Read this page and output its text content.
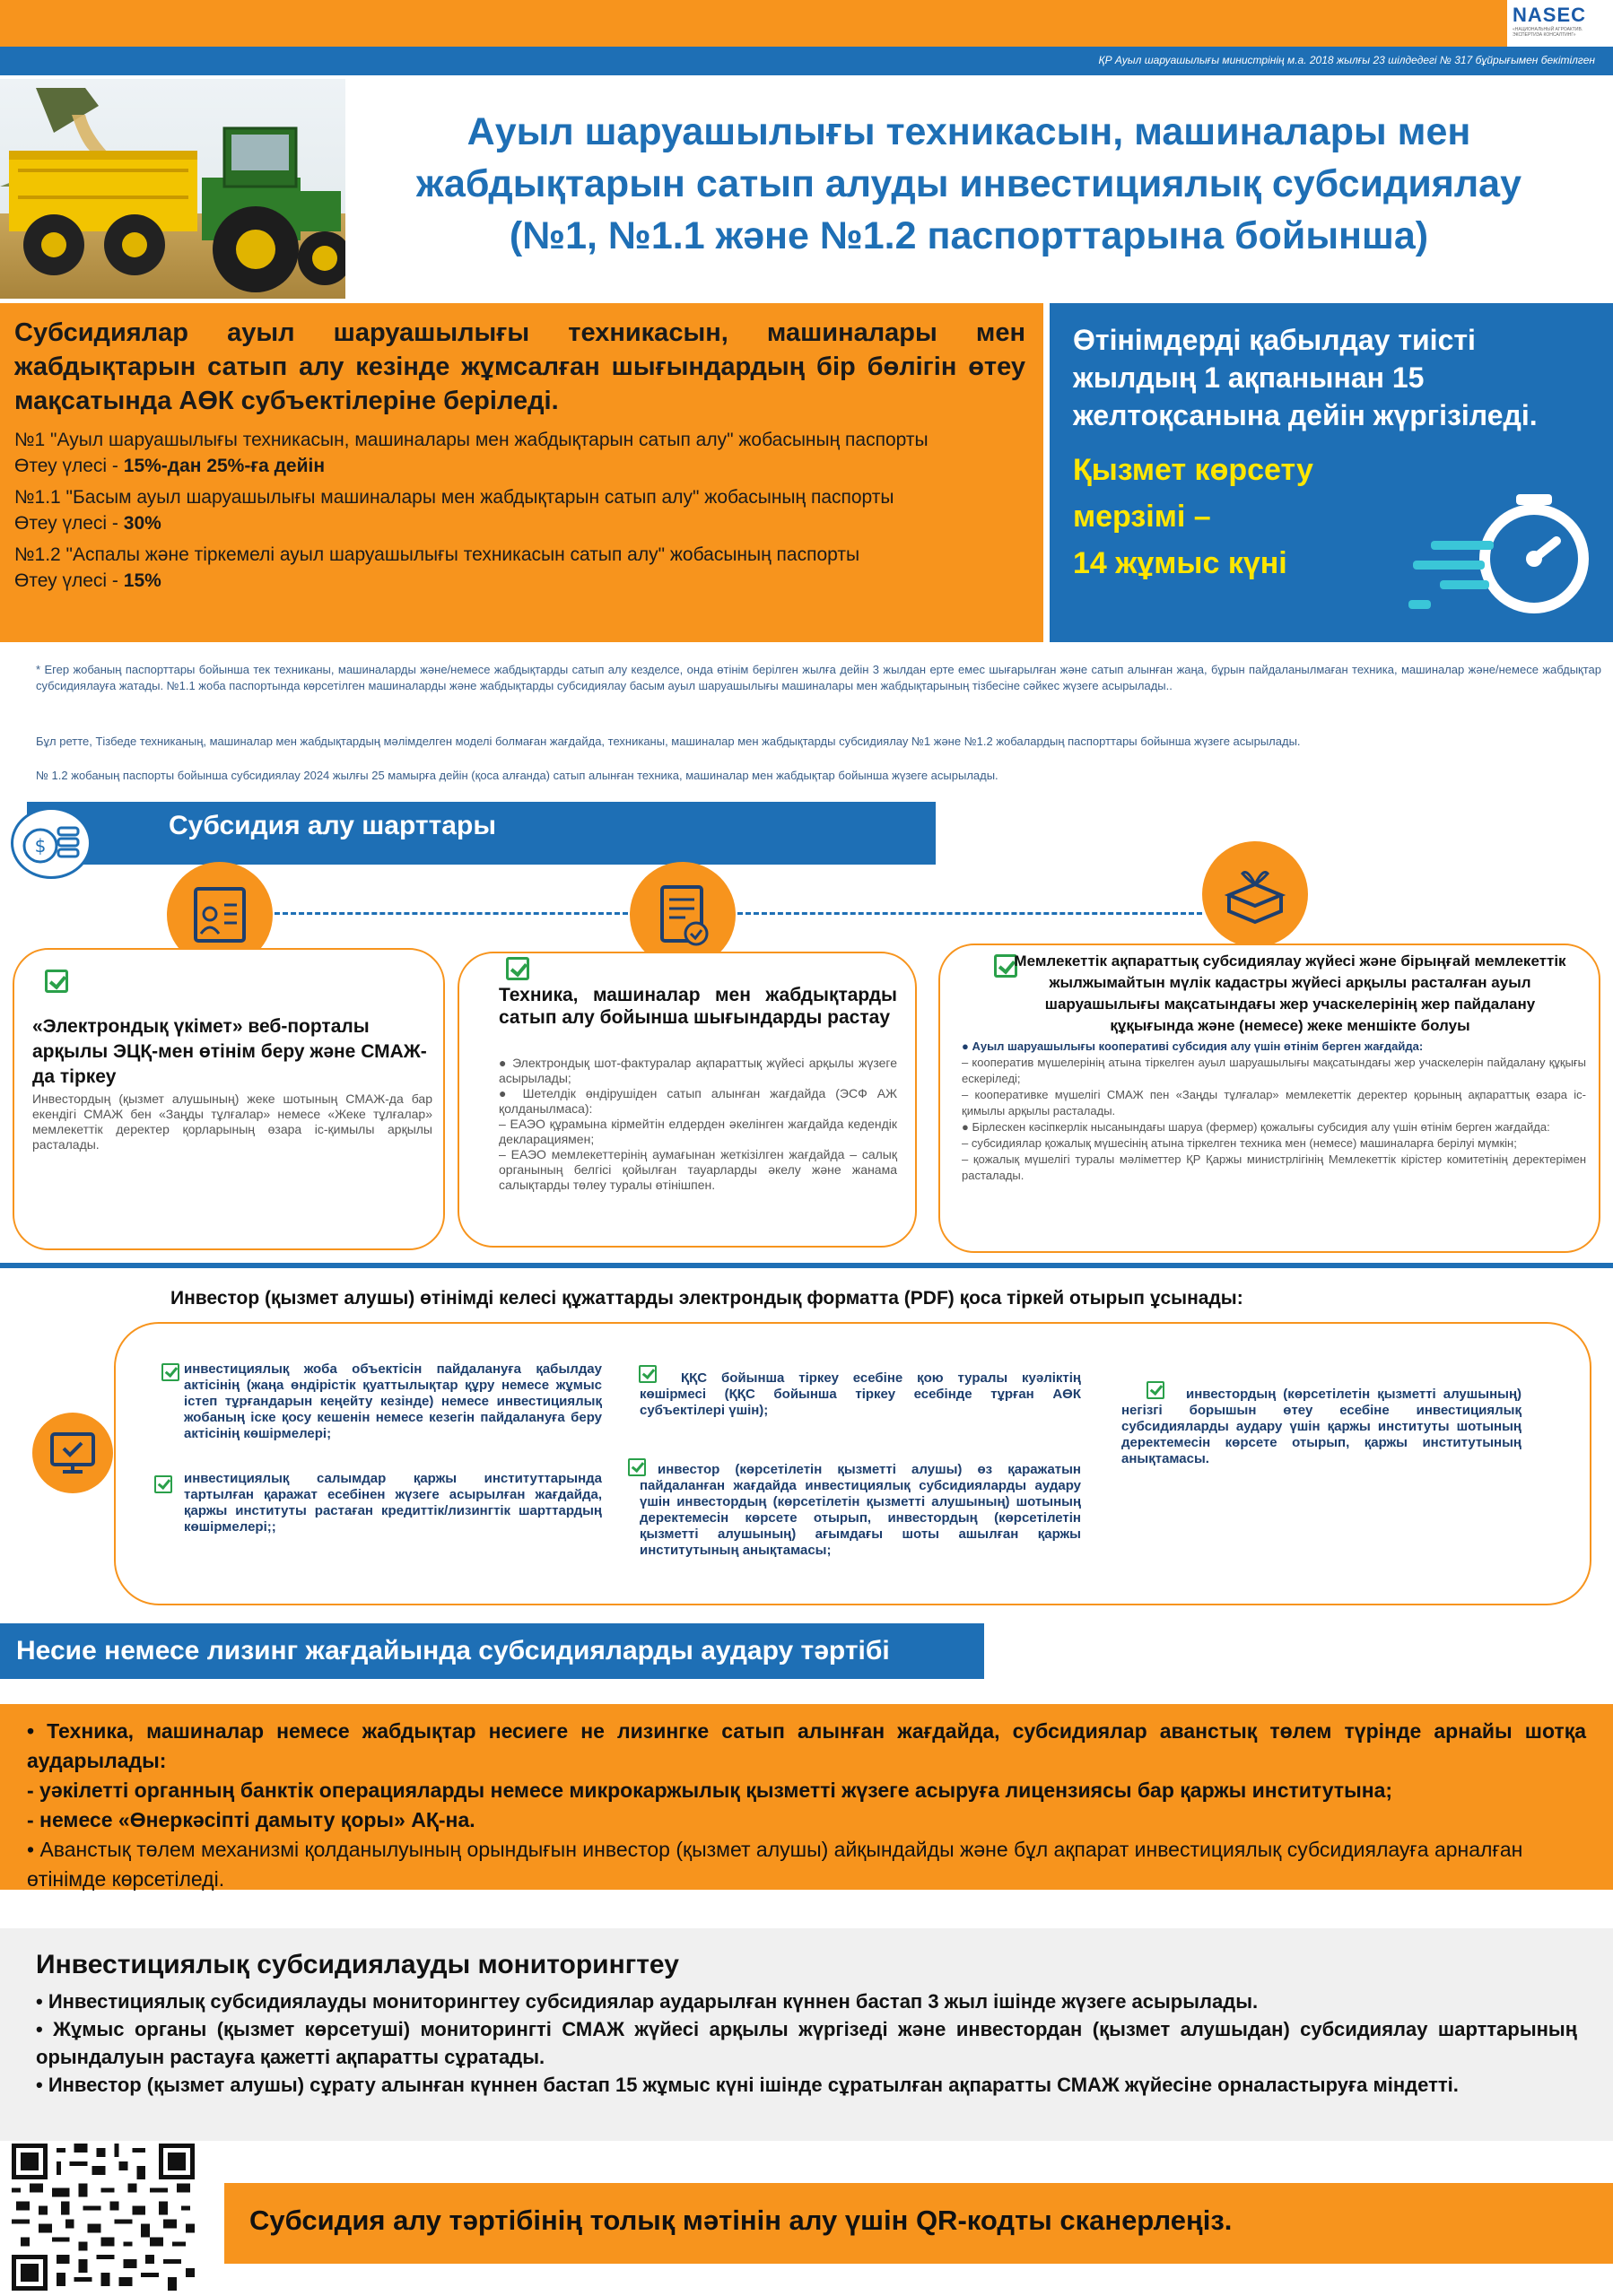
NASEC
«НАЦИОНАЛЬНЫЙ АГРОАКТИВ. ЭКСПЕРТИЗА КОНСАЛТИНГ»
ҚР Ауыл шаруашылығы министрінің м.а. 2018 жылғы 23 шілдедегі № 317 бұйрығымен бекітілген
Ауыл шаруашылығы техникасын, машиналары мен
жабдықтарын сатып алуды инвестициялық субсидиялау
(№1, №1.1 және №1.2 паспорттарына бойынша)
Субсидиялар ауыл шаруашылығы техникасын, машиналары мен жабдықтарын сатып алу кезінде жұмсалған шығындардың бір бөлігін өтеу мақсатында АӨК субъектілеріне беріледі.
№1 "Ауыл шаруашылығы техникасын, машиналары мен жабдықтарын сатып алу" жобасының паспорты
Өтеу үлесі - 15%-дан 25%-ға дейін
№1.1 "Басым ауыл шаруашылығы машиналары мен жабдықтарын сатып алу" жобасының паспорты
Өтеу үлесі - 30%
№1.2 "Аспалы және тіркемелі ауыл шаруашылығы техникасын сатып алу" жобасының паспорты
Өтеу үлесі - 15%
Өтінімдерді қабылдау тиісті жылдың 1 ақпанынан 15 желтоқсанына дейін жүргізіледі.
Қызмет көрсету
мерзімі –
14 жұмыс күні
* Егер жобаның паспорттары бойынша тек техниканы, машиналарды және/немесе жабдықтарды сатып алу кезделсе, онда өтінім берілген жылға дейін 3 жылдан ерте емес шығарылған және сатып алынған жаңа, бұрын пайдаланылмаған техника, машиналар және/немесе жабдықтар субсидиялауға жатады. №1.1 жоба паспортында көрсетілген машиналарды және жабдықтарды субсидиялау басым ауыл шаруашылығы машиналары мен жабдықтарының тізбесіне сәйкес жүзеге асырылады..
Бұл ретте, Тізбеде техниканың, машиналар мен жабдықтардың мәлімделген моделі болмаған жағдайда, техниканы, машиналар мен жабдықтарды субсидиялау №1 және №1.2 жобалардың паспорттары бойынша жүзеге асырылады.
№ 1.2 жобаның паспорты бойынша субсидиялау 2024 жылғы 25 мамырға дейін (қоса алғанда) сатып алынған техника, машиналар мен жабдықтар бойынша жүзеге асырылады.
Субсидия алу шарттары
$
«Электрондық үкімет» веб-порталы арқылы ЭЦҚ-мен өтінім беру және СМАЖ-да тіркеу
Инвестордың (қызмет алушының) жеке шотының СМАЖ-да бар екендігі СМАЖ бен «Заңды тұлғалар» немесе «Жеке тұлғалар» мемлекеттік деректер қорларының өзара іс-қимылы арқылы расталады.
Техника, машиналар мен жабдықтарды сатып алу бойынша шығындарды растау
● Электрондық шот-фактуралар ақпараттық жүйесі арқылы жүзеге асырылады;
● Шетелдік өндірушіден сатып алынған жағдайда (ЭСФ АЖ қолданылмаса):
– ЕАЭО құрамына кірмейтін елдерден әкелінген жағдайда кедендік декларациямен;
– ЕАЭО мемлекеттерінің аумағынан жеткізілген жағдайда – салық органының белгісі қойылған тауарларды әкелу және жанама салықтарды төлеу туралы өтінішпен.
Мемлекеттік ақпараттық субсидиялау жүйесі және бірыңғай мемлекеттік жылжымайтын мүлік кадастры жүйесі арқылы расталған ауыл шаруашылығы мақсатындағы жер учаскелерінің жер пайдалану құқығында және (немесе) жеке меншікте болуы
● Ауыл шаруашылығы кооперативі субсидия алу үшін өтінім берген жағдайда:
– кооператив мүшелерінің атына тіркелген ауыл шаруашылығы мақсатындағы жер учаскелерін пайдалану құқығы ескеріледі;
– кооперативке мүшелігі СМАЖ пен «Заңды тұлғалар» мемлекеттік деректер қорының ақпараттық өзара іс-қимылы арқылы расталады.
● Бірлескен кәсіпкерлік нысанындағы шаруа (фермер) қожалығы субсидия алу үшін өтінім берген жағдайда:
– субсидиялар қожалық мүшесінің атына тіркелген техника мен (немесе) машиналарға берілуі мүмкін;
– қожалық мүшелігі туралы мәліметтер ҚР Қаржы министрлігінің Мемлекеттік кірістер комитетінің деректерімен расталады.
Инвестор (қызмет алушы) өтінімді келесі құжаттарды электрондық форматта (PDF) қоса тіркей отырып ұсынады:
инвестициялық жоба объектісін пайдалануға қабылдау актісінің (жаңа өндірістік қуаттылықтар құру немесе жұмыс істеп тұрғандарын кеңейту кезінде) немесе инвестициялық жобаның іске қосу кешенін немесе кезегін пайдалануға беру актісінің көшірмелері;
инвестициялық салымдар қаржы институттарында тартылған қаражат есебінен жүзеге асырылған жағдайда, қаржы институты растаған кредиттік/лизингтік шарттардың көшірмелері;;
ҚҚС бойынша тіркеу есебіне қою туралы куәліктің көшірмесі (ҚҚС бойынша тіркеу есебінде тұрған АӨК субъектілері үшін);
инвестор (көрсетілетін қызметті алушы) өз қаражатын пайдаланған жағдайда инвестициялық субсидияларды аудару үшін инвестордың (көрсетілетін қызметті алушының) шотының деректемесін көрсете отырып, инвестордың (көрсетілетін қызметті алушының) ағымдағы шоты ашылған қаржы институтының анықтамасы;
инвестордың (көрсетілетін қызметті алушының) негізгі борышын өтеу есебіне инвестициялық субсидияларды аудару үшін қаржы институты шотының деректемесін көрсете отырып, қаржы институтының анықтамасы.
Несие немесе лизинг жағдайында субсидияларды аудару тәртібі
• Техника, машиналар немесе жабдықтар несиеге не лизингке сатып алынған жағдайда, субсидиялар аванстық төлем түрінде арнайы шотқа аударылады:
- уәкілетті органның банктік операцияларды немесе микрокаржылық қызметті жүзеге асыруға лицензиясы бар қаржы институтына;
- немесе «Өнеркәсіпті дамыту қоры» АҚ-на.
• Аванстық төлем механизмі қолданылуының орындығын инвестор (қызмет алушы) айқындайды және бұл ақпарат инвестициялық субсидиялауға арналған өтінімде көрсетіледі.
Инвестициялық субсидиялауды мониторингтеу
• Инвестициялық субсидиялауды мониторингтеу субсидиялар аударылған күннен бастап 3 жыл ішінде жүзеге асырылады.
• Жұмыс органы (қызмет көрсетуші) мониторингті СМАЖ жүйесі арқылы жүргізеді және инвестордан (қызмет алушыдан) субсидиялау шарттарының орындалуын растауға қажетті ақпаратты сұратады.
• Инвестор (қызмет алушы) сұрату алынған күннен бастап 15 жұмыс күні ішінде сұратылған ақпаратты СМАЖ жүйесіне орналастыруға міндетті.
Субсидия алу тәртібінің толық мәтінін алу үшін QR-кодты сканерлеңіз.
